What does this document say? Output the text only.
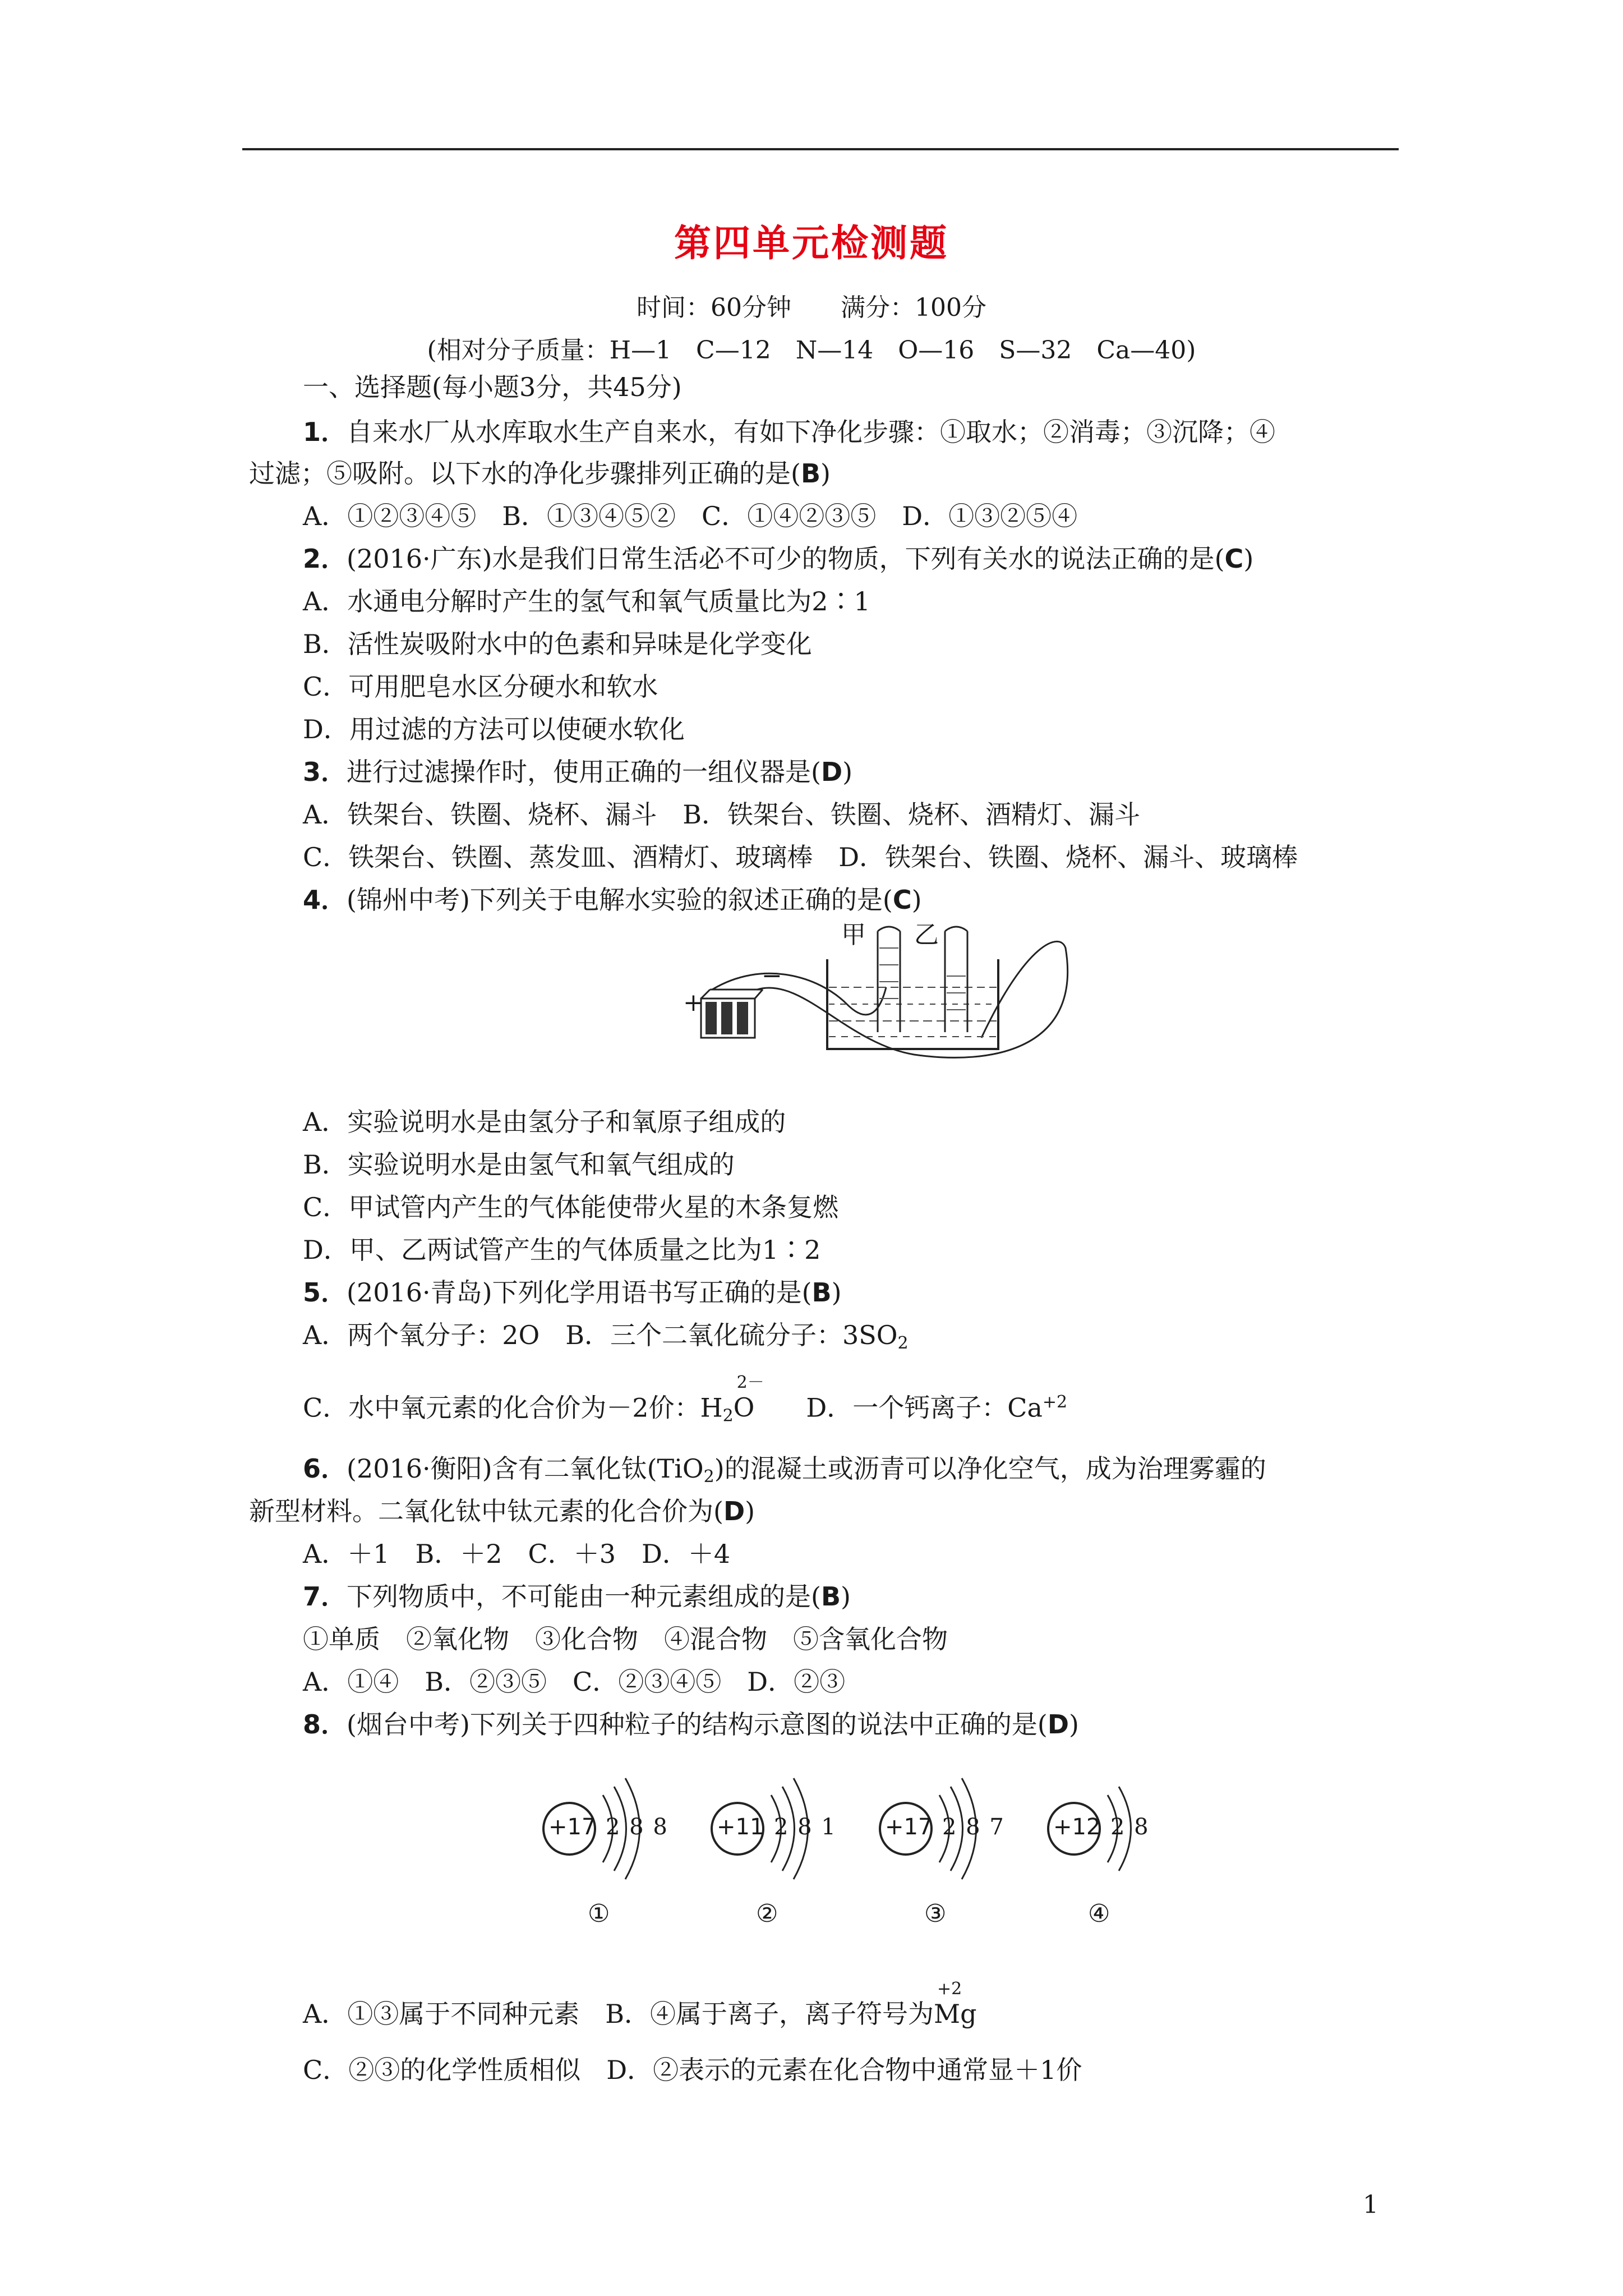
第四单元检测题
时间：60分钟　　满分：100分
(相对分子质量：H—1　C—12　N—14　O—16　S—32　Ca—40)
一、选择题(每小题3分，共45分)
1．自来水厂从水库取水生产自来水，有如下净化步骤：①取水；②消毒；③沉降；④
过滤；⑤吸附。以下水的净化步骤排列正确的是(B)
A．①②③④⑤　B．①③④⑤②　C．①④②③⑤　D．①③②⑤④
2．(2016·广东)水是我们日常生活必不可少的物质，下列有关水的说法正确的是(C)
A．水通电分解时产生的氢气和氧气质量比为2∶1
B．活性炭吸附水中的色素和异味是化学变化
C．可用肥皂水区分硬水和软水
D．用过滤的方法可以使硬水软化
3．进行过滤操作时，使用正确的一组仪器是(D)
A．铁架台、铁圈、烧杯、漏斗　B．铁架台、铁圈、烧杯、酒精灯、漏斗
C．铁架台、铁圈、蒸发皿、酒精灯、玻璃棒　D．铁架台、铁圈、烧杯、漏斗、玻璃棒
4．(锦州中考)下列关于电解水实验的叙述正确的是(C)
甲 乙
+
−
A．实验说明水是由氢分子和氧原子组成的
B．实验说明水是由氢气和氧气组成的
C．甲试管内产生的气体能使带火星的木条复燃
D．甲、乙两试管产生的气体质量之比为1∶2
5．(2016·青岛)下列化学用语书写正确的是(B)
A．两个氧分子：2O　 B．三个二氧化硫分子：$3SO_2$
C．水中氧元素的化合价为－2价：$H_2$
2－
O　　 D．一个钙离子：$Ca^{+2}$
6．(2016·衡阳)含有二氧化钛(TiO$_2$)的混凝土或沥青可以净化空气，成为治理雾霾的
新型材料。二氧化钛中钛元素的化合价为(D)
A．＋1　B．＋2　C．＋3　D．＋4
7．下列物质中，不可能由一种元素组成的是(B)
①单质　②氧化物　③化合物　④混合物　⑤含氧化合物
A．①④　B．②③⑤　C．②③④⑤　D．②③
8．(烟台中考)下列关于四种粒子的结构示意图的说法中正确的是(D)
+17	+11	+17	+12
2 8 8	2 8 1	2 8 7	2 8
①	②	③	④
A．①③属于不同种元素　B．④属于离子，离子符号为
+2
Mg
C．②③的化学性质相似　D．②表示的元素在化合物中通常显＋1价
1
